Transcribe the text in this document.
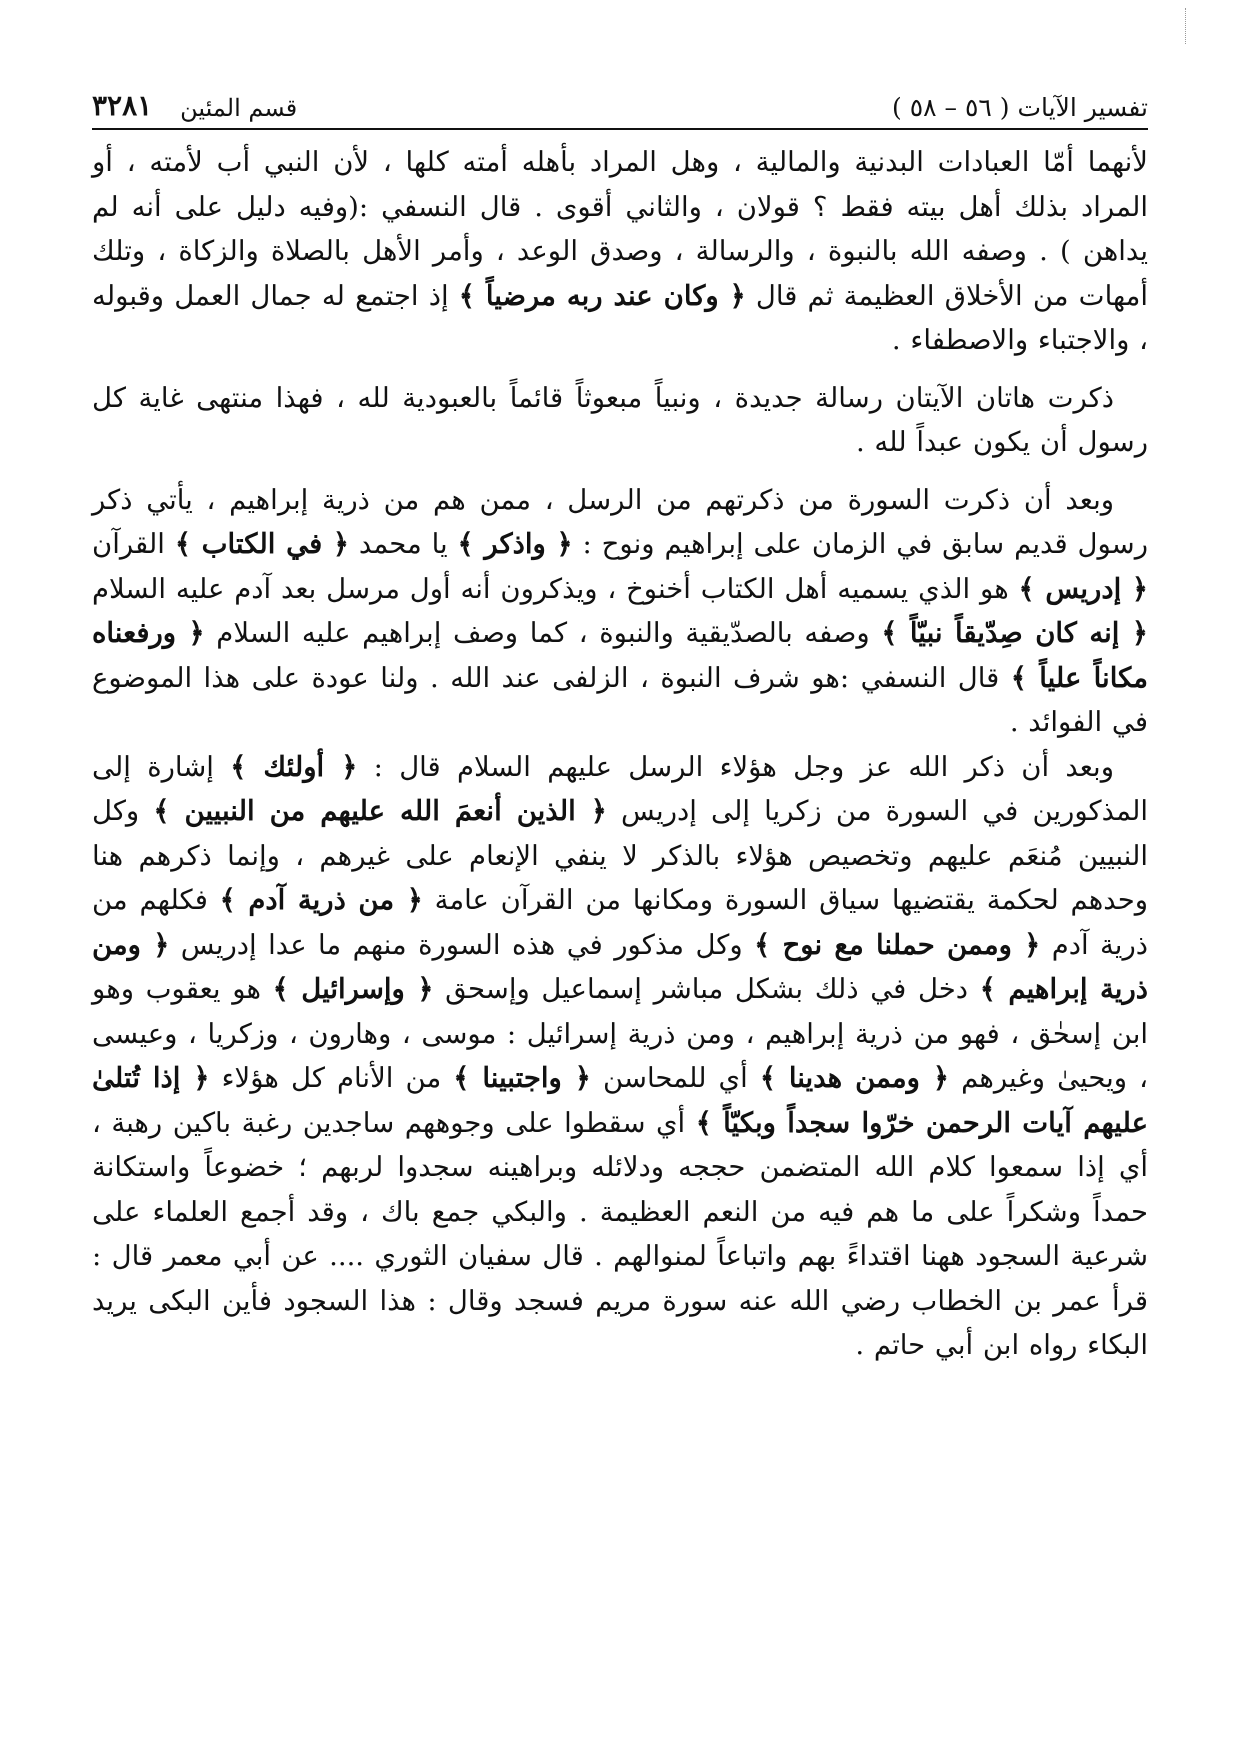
تفسير الآيات ( ٥٦ – ٥٨ )
قسم المئين
٣٢٨١

لأنهما أمّا العبادات البدنية والمالية ، وهل المراد بأهله أمته كلها ، لأن النبي أب لأمته ، أو المراد بذلك أهل بيته فقط ؟ قولان ، والثاني أقوى . قال النسفي :(وفيه دليل على أنه لم يداهن ) . وصفه الله بالنبوة ، والرسالة ، وصدق الوعد ، وأمر الأهل بالصلاة والزكاة ، وتلك أمهات من الأخلاق العظيمة ثم قال ﴿ وكان عند ربه مرضياً ﴾ إذ اجتمع له جمال العمل وقبوله ، والاجتباء والاصطفاء .

ذكرت هاتان الآيتان رسالة جديدة ، ونبياً مبعوثاً قائماً بالعبودية لله ، فهذا منتهى غاية كل رسول أن يكون عبداً لله .

وبعد أن ذكرت السورة من ذكرتهم من الرسل ، ممن هم من ذرية إبراهيم ، يأتي ذكر رسول قديم سابق في الزمان على إبراهيم ونوح : ﴿ واذكر ﴾ يا محمد ﴿ في الكتاب ﴾ القرآن ﴿ إدريس ﴾ هو الذي يسميه أهل الكتاب أخنوخ ، ويذكرون أنه أول مرسل بعد آدم عليه السلام ﴿ إنه كان صِدّيقاً نبيّاً ﴾ وصفه بالصدّيقية والنبوة ، كما وصف إبراهيم عليه السلام ﴿ ورفعناه مكاناً علياً ﴾ قال النسفي :هو شرف النبوة ، الزلفى عند الله . ولنا عودة على هذا الموضوع في الفوائد .

وبعد أن ذكر الله عز وجل هؤلاء الرسل عليهم السلام قال : ﴿ أولئك ﴾ إشارة إلى المذكورين في السورة من زكريا إلى إدريس ﴿ الذين أنعمَ الله عليهم من النبيين ﴾ وكل النبيين مُنعَم عليهم وتخصيص هؤلاء بالذكر لا ينفي الإنعام على غيرهم ، وإنما ذكرهم هنا وحدهم لحكمة يقتضيها سياق السورة ومكانها من القرآن عامة ﴿ من ذرية آدم ﴾ فكلهم من ذرية آدم ﴿ وممن حملنا مع نوح ﴾ وكل مذكور في هذه السورة منهم ما عدا إدريس ﴿ ومن ذرية إبراهيم ﴾ دخل في ذلك بشكل مباشر إسماعيل وإسحق ﴿ وإسرائيل ﴾ هو يعقوب وهو ابن إسحٰق ، فهو من ذرية إبراهيم ، ومن ذرية إسرائيل : موسى ، وهارون ، وزكريا ، وعيسى ، ويحيىٰ وغيرهم ﴿ وممن هدينا ﴾ أي للمحاسن ﴿ واجتبينا ﴾ من الأنام كل هؤلاء ﴿ إذا تُتلىٰ عليهم آيات الرحمن خرّوا سجداً وبكيّاً ﴾ أي سقطوا على وجوههم ساجدين رغبة باكين رهبة ، أي إذا سمعوا كلام الله المتضمن حججه ودلائله وبراهينه سجدوا لربهم ؛ خضوعاً واستكانة حمداً وشكراً على ما هم فيه من النعم العظيمة . والبكي جمع باك ، وقد أجمع العلماء على شرعية السجود ههنا اقتداءً بهم واتباعاً لمنوالهم . قال سفيان الثوري .... عن أبي معمر قال : قرأ عمر بن الخطاب رضي الله عنه سورة مريم فسجد وقال : هذا السجود فأين البكى يريد البكاء رواه ابن أبي حاتم .
